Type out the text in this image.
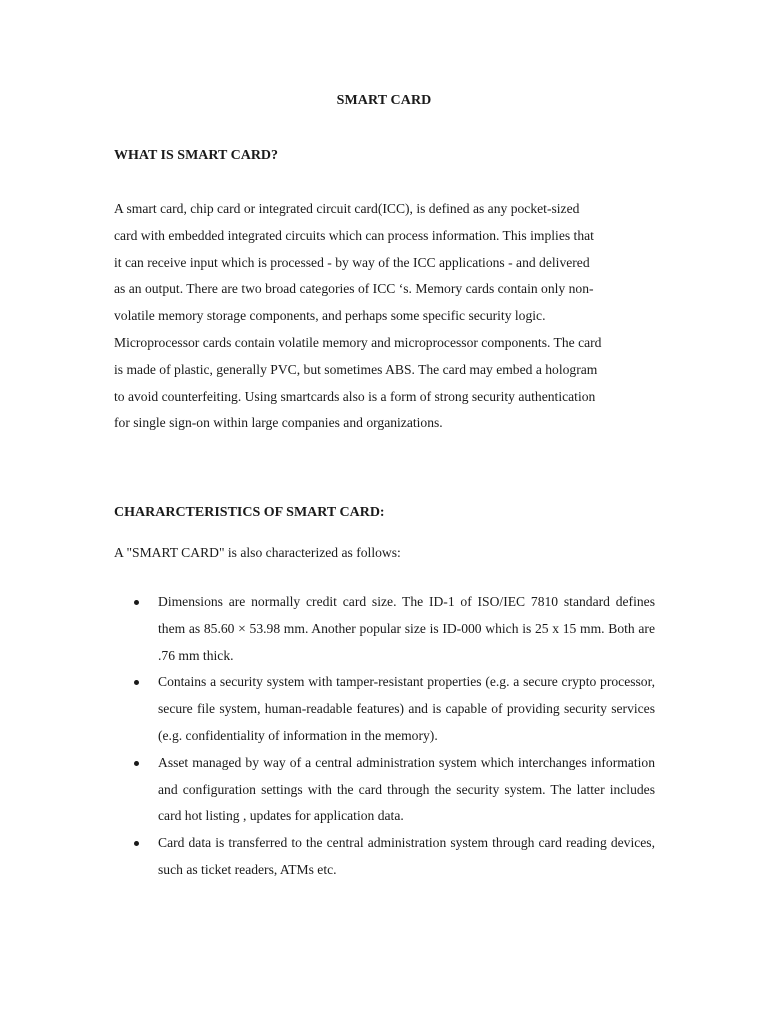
SMART CARD
WHAT IS SMART CARD?

A smart card, chip card or integrated circuit card(ICC), is defined as any pocket-sized
card with embedded integrated circuits which can process information. This implies that
it can receive input which is processed - by way of the ICC applications - and delivered
as an output. There are two broad categories of ICC ‘s. Memory cards contain only non-
volatile memory storage components, and perhaps some specific security logic.
Microprocessor cards contain volatile memory and microprocessor components. The card
is made of plastic, generally PVC, but sometimes ABS. The card may embed a hologram
to avoid counterfeiting. Using smartcards also is a form of strong security authentication
for single sign-on within large companies and organizations.

CHARARCTERISTICS OF SMART CARD:
A "SMART CARD" is also characterized as follows:
Dimensions are normally credit card size. The ID-1 of ISO/IEC 7810 standard defines them as 85.60 × 53.98 mm. Another popular size is ID-000 which is 25 x 15 mm. Both are .76 mm thick.
Contains a security system with tamper-resistant properties (e.g. a secure crypto processor, secure file system, human-readable features) and is capable of providing security services (e.g. confidentiality of information in the memory).
Asset managed by way of a central administration system which interchanges information and configuration settings with the card through the security system. The latter includes card hot listing , updates for application data.
Card data is transferred to the central administration system through card reading devices, such as ticket readers, ATMs etc.
